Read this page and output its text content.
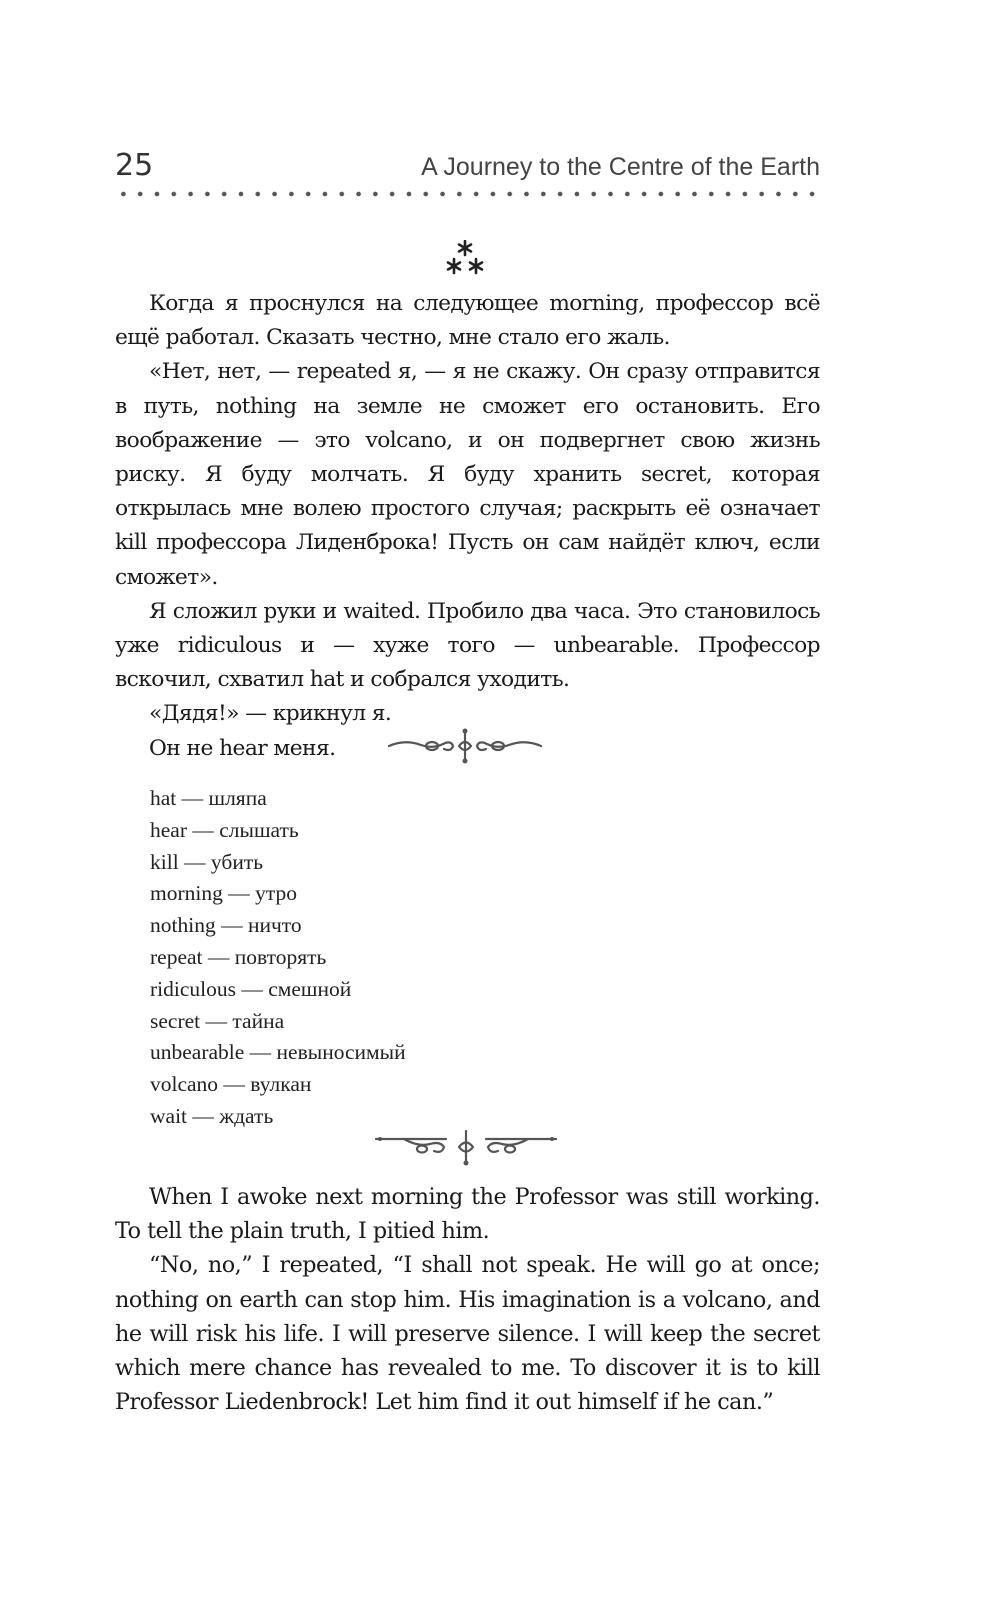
25	A Journey to the Centre of the Earth

Когда я проснулся на следующее morning, профессор всё ещё работал. Сказать честно, мне стало его жаль.

«Нет, нет, — repeated я, — я не скажу. Он сразу отправится в путь, nothing на земле не сможет его остановить. Его воображение — это volcano, и он подвергнет свою жизнь риску. Я буду молчать. Я буду хранить secret, которая открылась мне волею простого случая; раскрыть её означает kill профессора Лиденброка! Пусть он сам найдёт ключ, если сможет».

Я сложил руки и waited. Пробило два часа. Это становилось уже ridiculous и — хуже того — unbearable. Профессор вскочил, схватил hat и собрался уходить.

«Дядя!» — крикнул я.

Он не hear меня.

hat — шляпа
hear — слышать
kill — убить
morning — утро
nothing — ничто
repeat — повторять
ridiculous — смешной
secret — тайна
unbearable — невыносимый
volcano — вулкан
wait — ждать

When I awoke next morning the Professor was still working. To tell the plain truth, I pitied him.

“No, no,” I repeated, “I shall not speak. He will go at once; nothing on earth can stop him. His imagination is a volcano, and he will risk his life. I will preserve silence. I will keep the secret which mere chance has revealed to me. To discover it is to kill Professor Liedenbrock! Let him find it out himself if he can.”
